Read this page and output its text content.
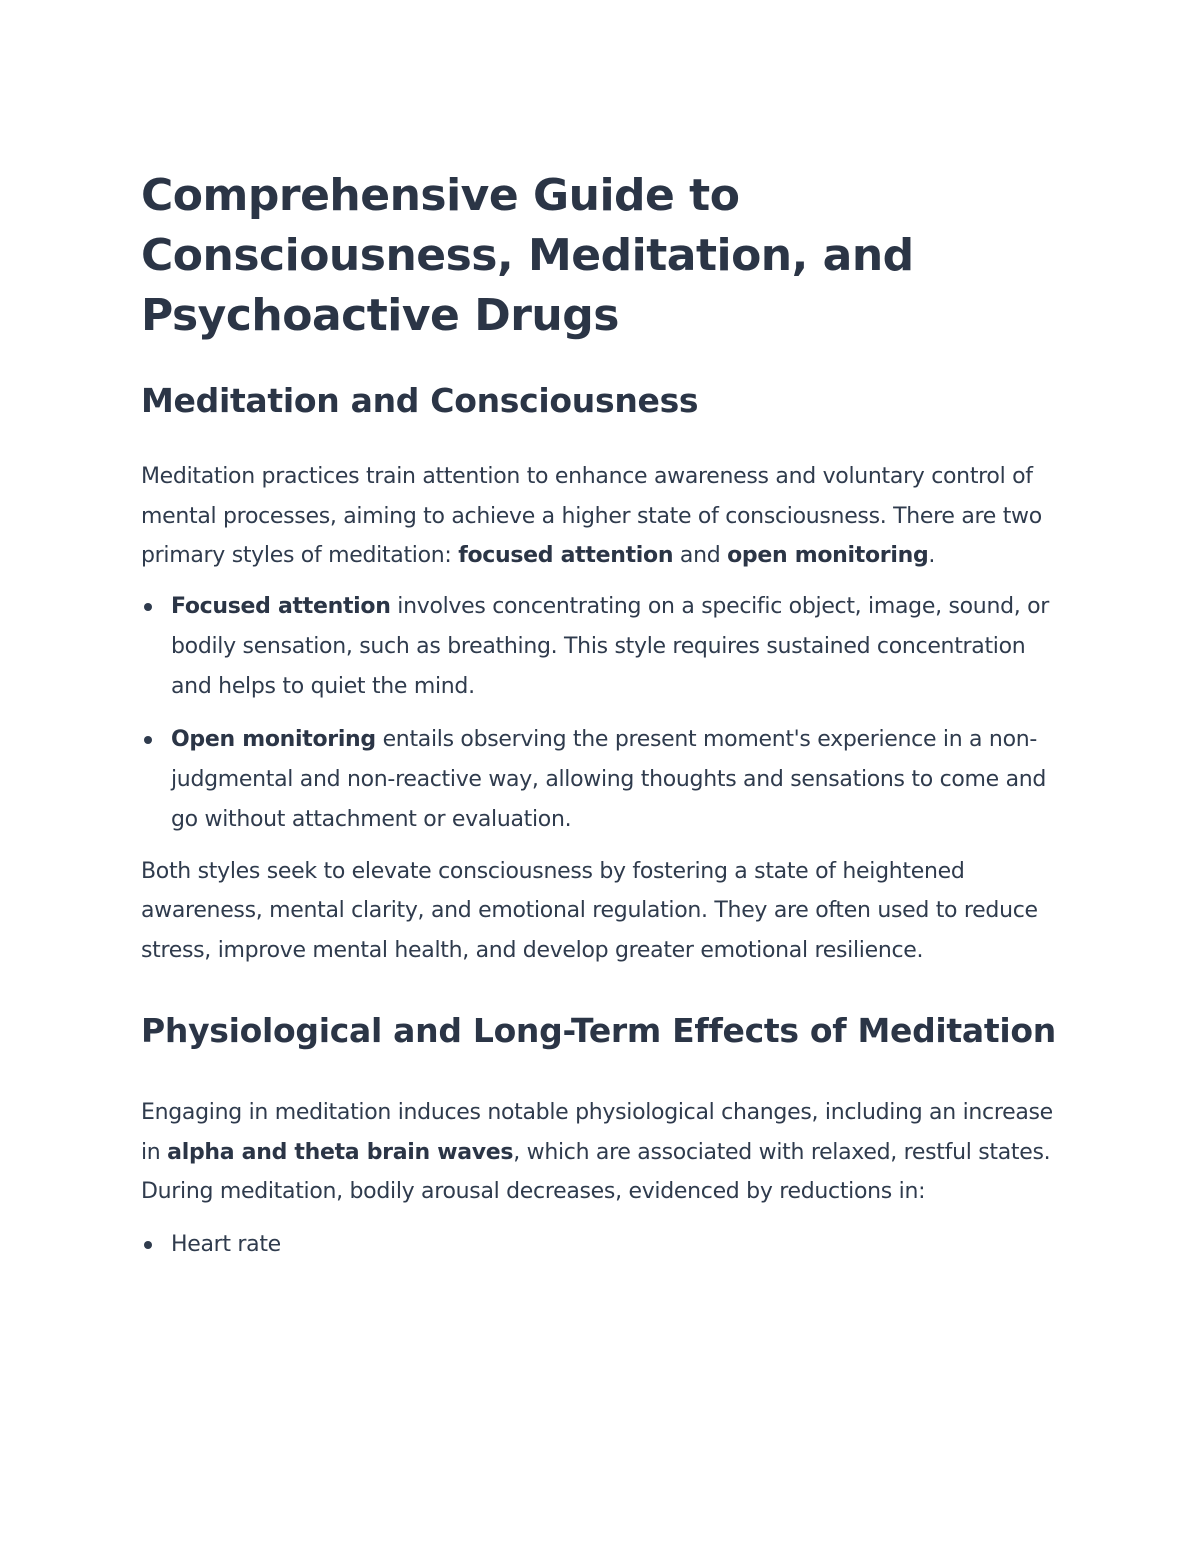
Comprehensive Guide to Consciousness, Meditation, and Psychoactive Drugs
Meditation and Consciousness

Meditation practices train attention to enhance awareness and voluntary control of mental processes, aiming to achieve a higher state of consciousness. There are two primary styles of meditation: focused attention and open monitoring.

Focused attention involves concentrating on a specific object, image, sound, or bodily sensation, such as breathing. This style requires sustained concentration and helps to quiet the mind.
Open monitoring entails observing the present moment's experience in a non-judgmental and non-reactive way, allowing thoughts and sensations to come and go without attachment or evaluation.

Both styles seek to elevate consciousness by fostering a state of heightened awareness, mental clarity, and emotional regulation. They are often used to reduce stress, improve mental health, and develop greater emotional resilience.

Physiological and Long-Term Effects of Meditation

Engaging in meditation induces notable physiological changes, including an increase in alpha and theta brain waves, which are associated with relaxed, restful states. During meditation, bodily arousal decreases, evidenced by reductions in:

Heart rate
